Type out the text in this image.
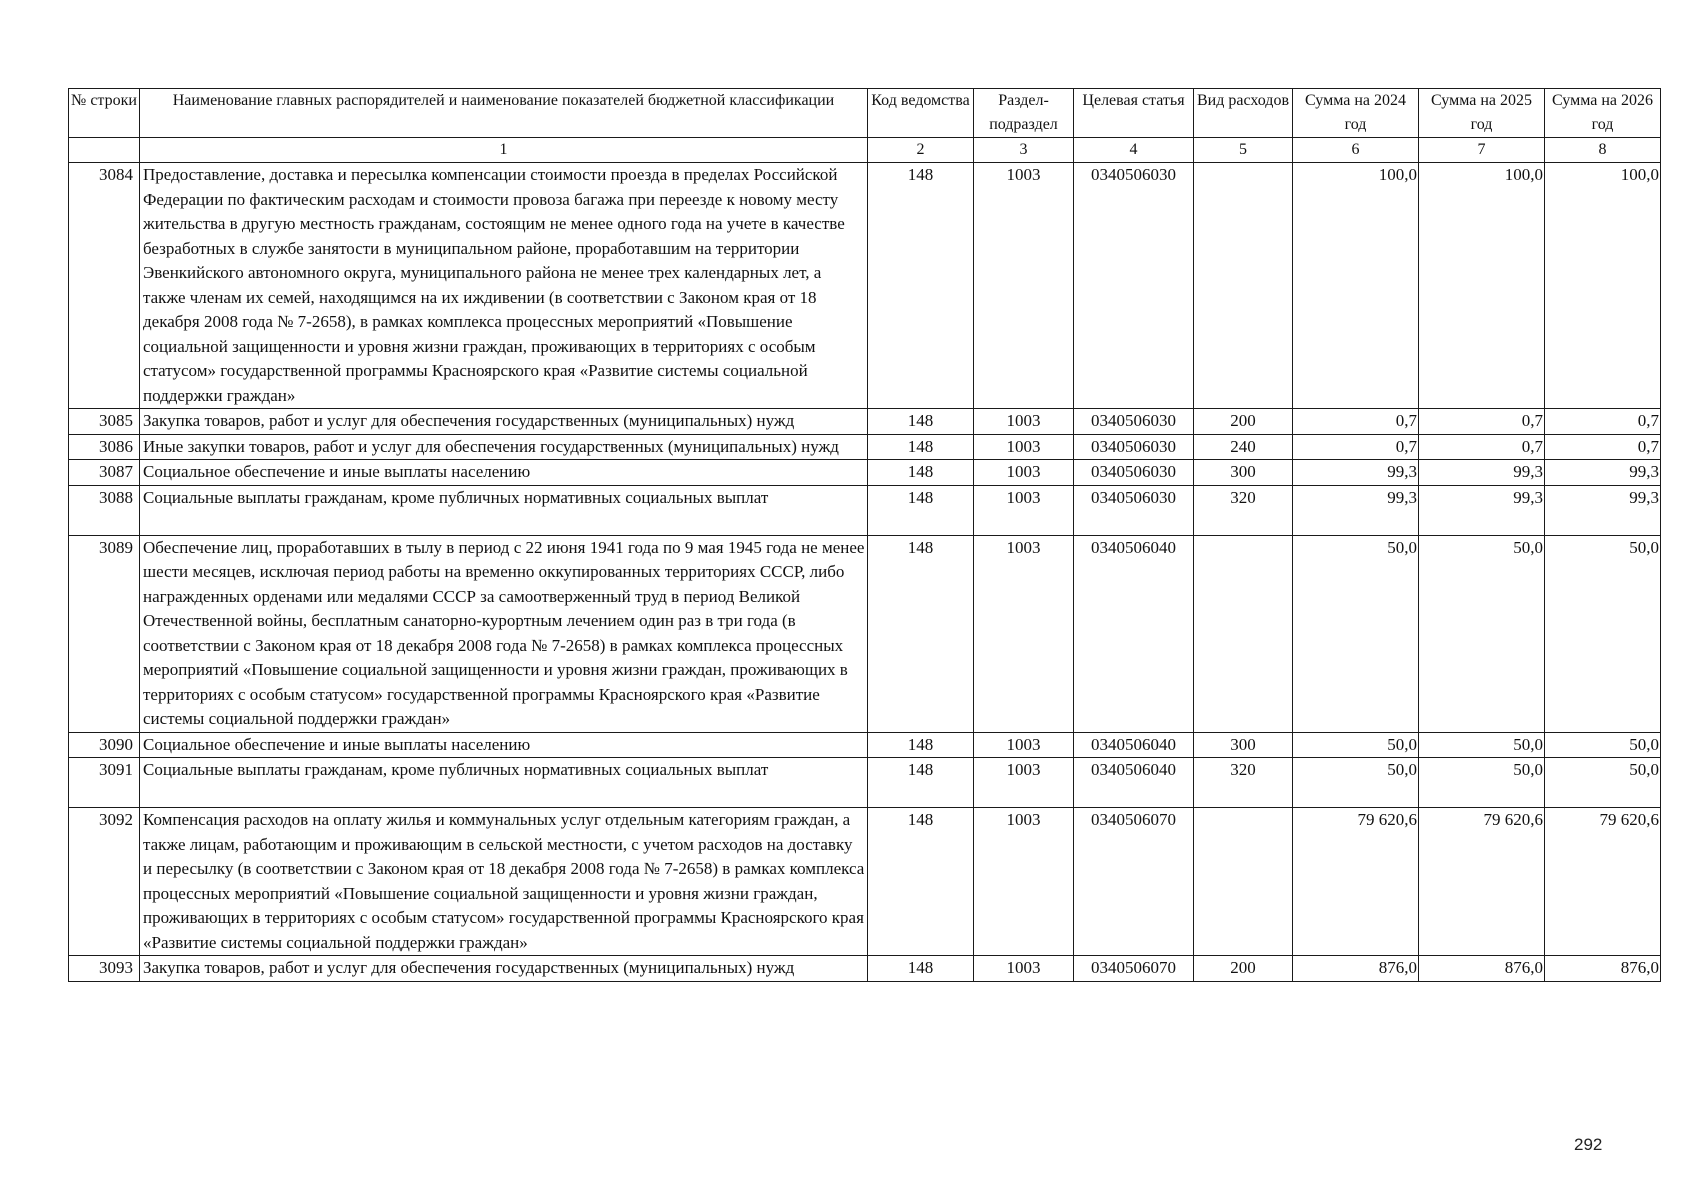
№ строки	Наименование главных распорядителей и наименование показателей бюджетной классификации	Код ведомства	Раздел-подраздел	Целевая статья	Вид расходов	Сумма на 2024 год	Сумма на 2025 год	Сумма на 2026 год
	1	2	3	4	5	6	7	8
3084	Предоставление, доставка и пересылка компенсации стоимости проезда в пределах Российской Федерации по фактическим расходам и стоимости провоза багажа при переезде к новому месту жительства в другую местность гражданам, состоящим не менее одного года на учете в качестве безработных в службе занятости в муниципальном районе, проработавшим на территории Эвенкийского автономного округа, муниципального района не менее трех календарных лет, а также членам их семей, находящимся на их иждивении (в соответствии с Законом края от 18 декабря 2008 года № 7-2658), в рамках комплекса процессных мероприятий «Повышение социальной защищенности и уровня жизни граждан, проживающих в территориях с особым статусом» государственной программы Красноярского края «Развитие системы социальной поддержки граждан»	148	1003	0340506030		100,0	100,0	100,0
3085	Закупка товаров, работ и услуг для обеспечения государственных (муниципальных) нужд	148	1003	0340506030	200	0,7	0,7	0,7
3086	Иные закупки товаров, работ и услуг для обеспечения государственных (муниципальных) нужд	148	1003	0340506030	240	0,7	0,7	0,7
3087	Социальное обеспечение и иные выплаты населению	148	1003	0340506030	300	99,3	99,3	99,3
3088	Социальные выплаты гражданам, кроме публичных нормативных социальных выплат	148	1003	0340506030	320	99,3	99,3	99,3
3089	Обеспечение лиц, проработавших в тылу в период с 22 июня 1941 года по 9 мая 1945 года не менее шести месяцев, исключая период работы на временно оккупированных территориях СССР, либо награжденных орденами или медалями СССР за самоотверженный труд в период Великой Отечественной войны, бесплатным санаторно-курортным лечением один раз в три года (в соответствии с Законом края от 18 декабря 2008 года № 7-2658) в рамках комплекса процессных мероприятий «Повышение социальной защищенности и уровня жизни граждан, проживающих в территориях с особым статусом» государственной программы Красноярского края «Развитие системы социальной поддержки граждан»	148	1003	0340506040		50,0	50,0	50,0
3090	Социальное обеспечение и иные выплаты населению	148	1003	0340506040	300	50,0	50,0	50,0
3091	Социальные выплаты гражданам, кроме публичных нормативных социальных выплат	148	1003	0340506040	320	50,0	50,0	50,0
3092	Компенсация расходов на оплату жилья и коммунальных услуг отдельным категориям граждан, а также лицам, работающим и проживающим в сельской местности, с учетом расходов на доставку и пересылку (в соответствии с Законом края от 18 декабря 2008 года № 7-2658) в рамках комплекса процессных мероприятий «Повышение социальной защищенности и уровня жизни граждан, проживающих в территориях с особым статусом» государственной программы Красноярского края «Развитие системы социальной поддержки граждан»	148	1003	0340506070		79 620,6	79 620,6	79 620,6
3093	Закупка товаров, работ и услуг для обеспечения государственных (муниципальных) нужд	148	1003	0340506070	200	876,0	876,0	876,0
292
